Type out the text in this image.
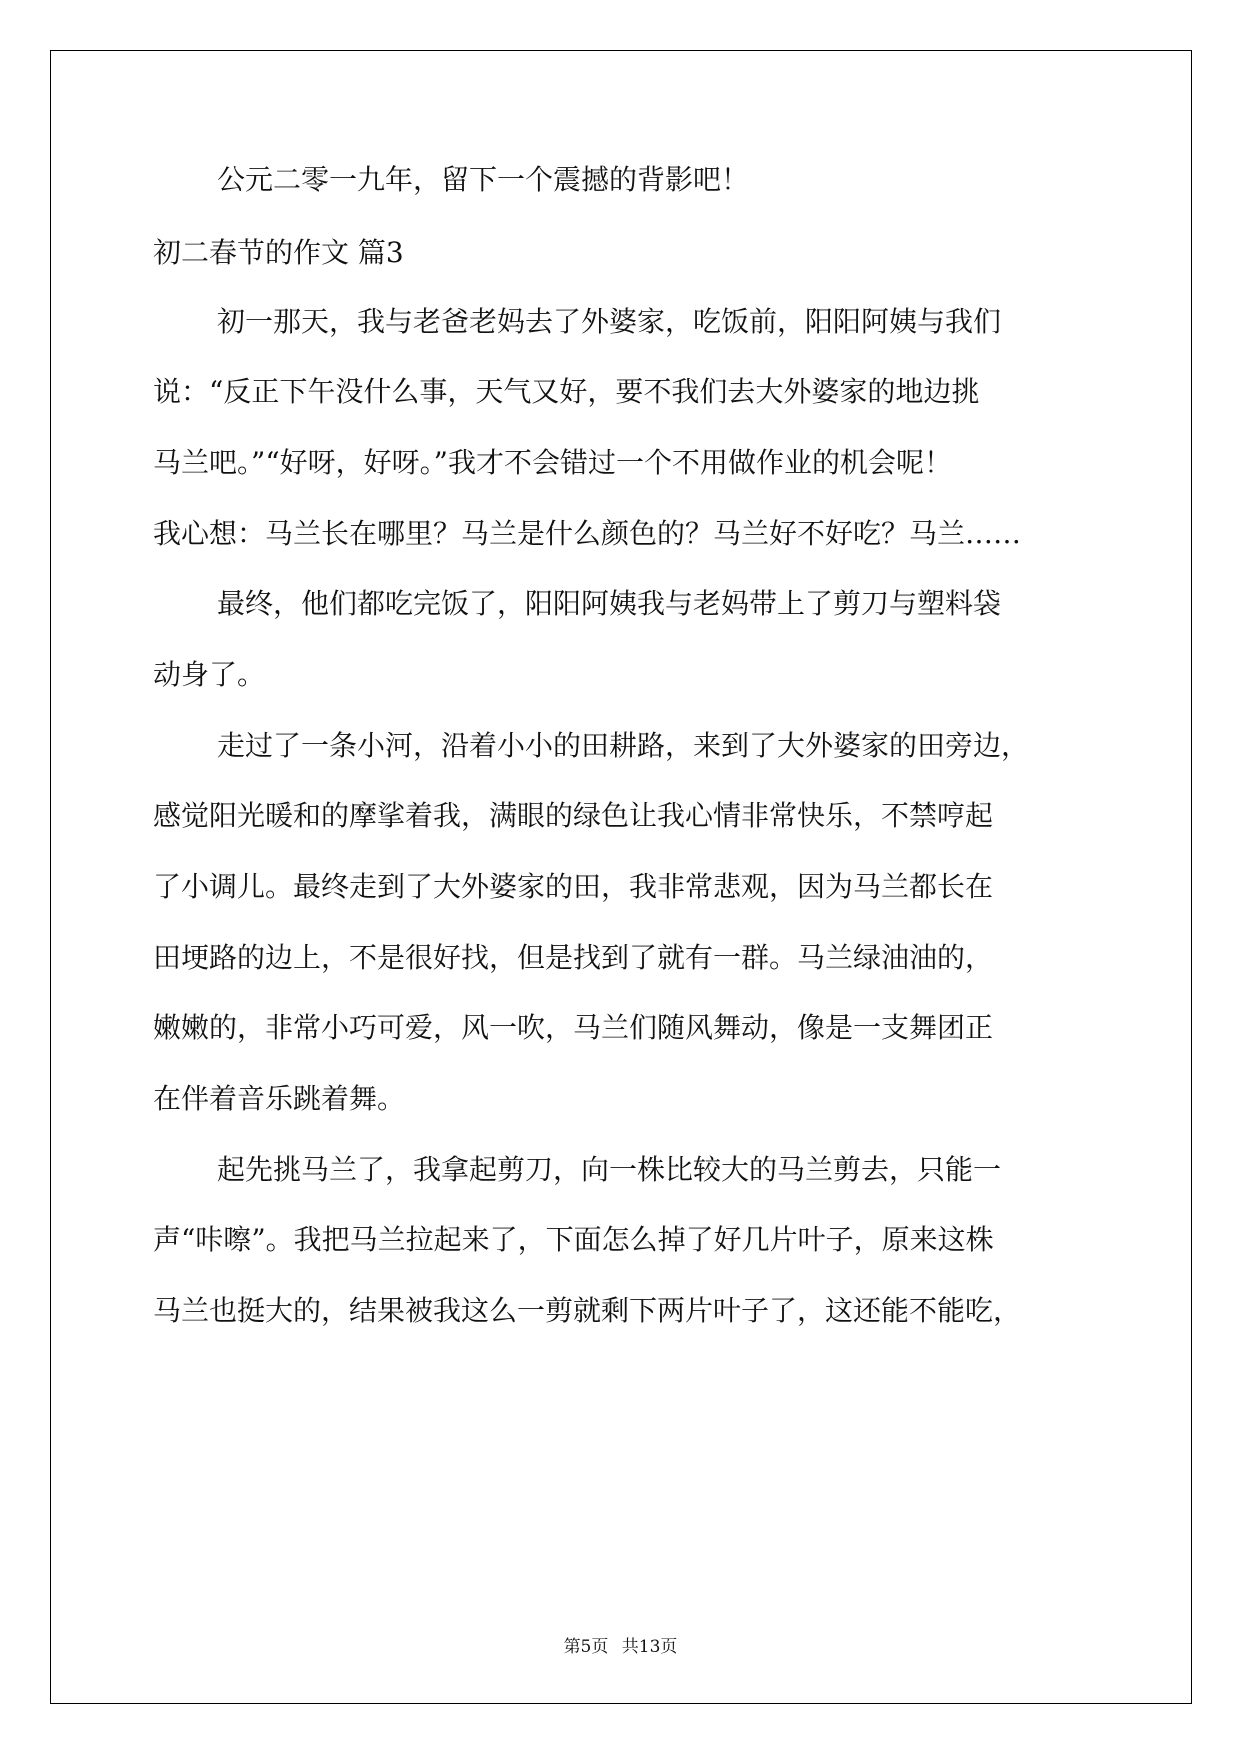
公元二零一九年，留下一个震撼的背影吧！
初二春节的作文 篇3
初一那天，我与老爸老妈去了外婆家，吃饭前，阳阳阿姨与我们
说：“反正下午没什么事，天气又好，要不我们去大外婆家的地边挑
马兰吧。”“好呀，好呀。”我才不会错过一个不用做作业的机会呢！
我心想：马兰长在哪里？马兰是什么颜色的？马兰好不好吃？马兰……
最终，他们都吃完饭了，阳阳阿姨我与老妈带上了剪刀与塑料袋
动身了。
走过了一条小河，沿着小小的田耕路，来到了大外婆家的田旁边，
感觉阳光暖和的摩挲着我，满眼的绿色让我心情非常快乐，不禁哼起
了小调儿。最终走到了大外婆家的田，我非常悲观，因为马兰都长在
田埂路的边上，不是很好找，但是找到了就有一群。马兰绿油油的，
嫩嫩的，非常小巧可爱，风一吹，马兰们随风舞动，像是一支舞团正
在伴着音乐跳着舞。
起先挑马兰了，我拿起剪刀，向一株比较大的马兰剪去，只能一
声“咔嚓”。我把马兰拉起来了，下面怎么掉了好几片叶子，原来这株
马兰也挺大的，结果被我这么一剪就剩下两片叶子了，这还能不能吃，
第5页 共13页
